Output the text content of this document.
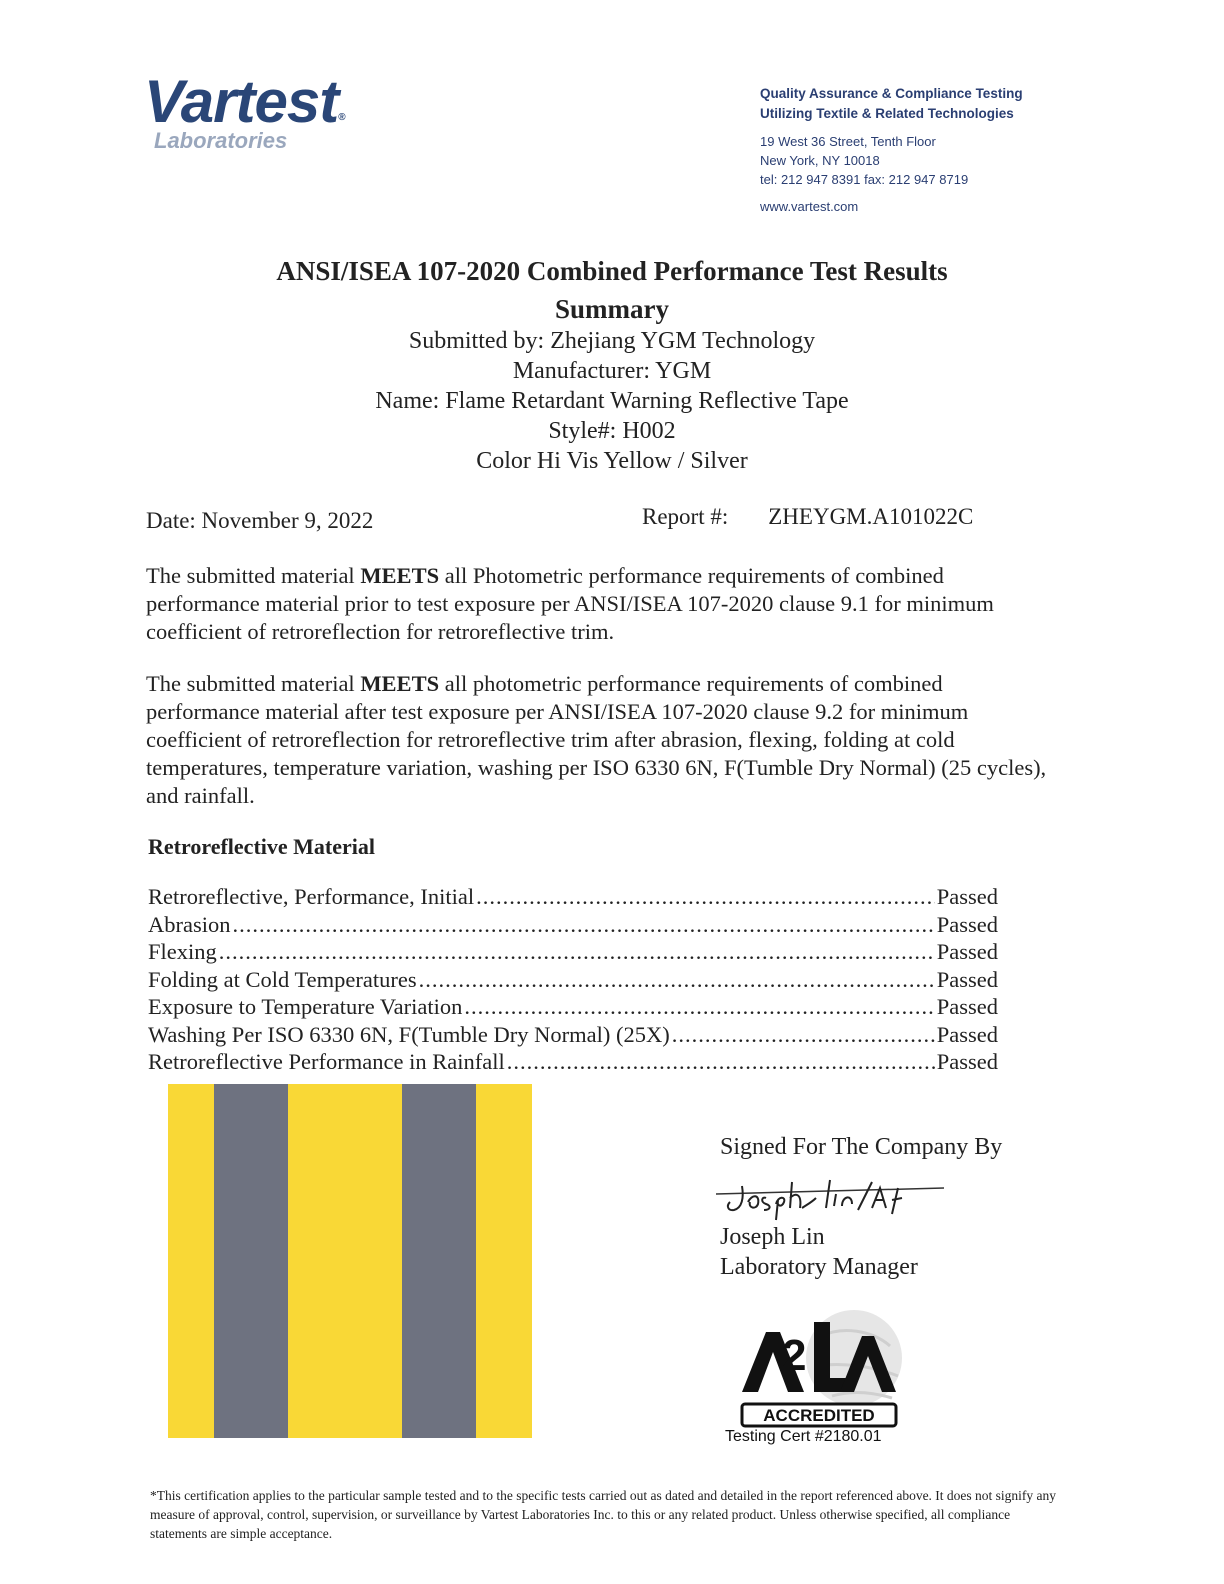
Vartest®
Laboratories
Quality Assurance & Compliance Testing
Utilizing Textile & Related Technologies
19 West 36 Street, Tenth Floor
New York, NY 10018
tel: 212 947 8391 fax: 212 947 8719
www.vartest.com
ANSI/ISEA 107-2020 Combined Performance Test Results
Summary
Submitted by: Zhejiang YGM Technology
Manufacturer: YGM
Name: Flame Retardant Warning Reflective Tape
Style#: H002
Color Hi Vis Yellow / Silver
Date: November 9, 2022	Report #: ZHEYGM.A101022C
The submitted material MEETS all Photometric performance requirements of combined performance material prior to test exposure per ANSI/ISEA 107-2020 clause 9.1 for minimum coefficient of retroreflection for retroreflective trim.
The submitted material MEETS all photometric performance requirements of combined performance material after test exposure per ANSI/ISEA 107-2020 clause 9.2 for minimum coefficient of retroreflection for retroreflective trim after abrasion, flexing, folding at cold temperatures, temperature variation, washing per ISO 6330 6N, F(Tumble Dry Normal) (25 cycles), and rainfall.
Retroreflective Material
Retroreflective, Performance, Initial .....	Passed
Abrasion .....	Passed
Flexing .....	Passed
Folding at Cold Temperatures .....	Passed
Exposure to Temperature Variation .....	Passed
Washing Per ISO 6330 6N, F(Tumble Dry Normal) (25X) .....	Passed
Retroreflective Performance in Rainfall .....	Passed
Signed For The Company By
Joseph Lin
Laboratory Manager
2
ACCREDITED
Testing Cert #2180.01
*This certification applies to the particular sample tested and to the specific tests carried out as dated and detailed in the report referenced above. It does not signify any measure of approval, control, supervision, or surveillance by Vartest Laboratories Inc. to this or any related product. Unless otherwise specified, all compliance statements are simple acceptance.
